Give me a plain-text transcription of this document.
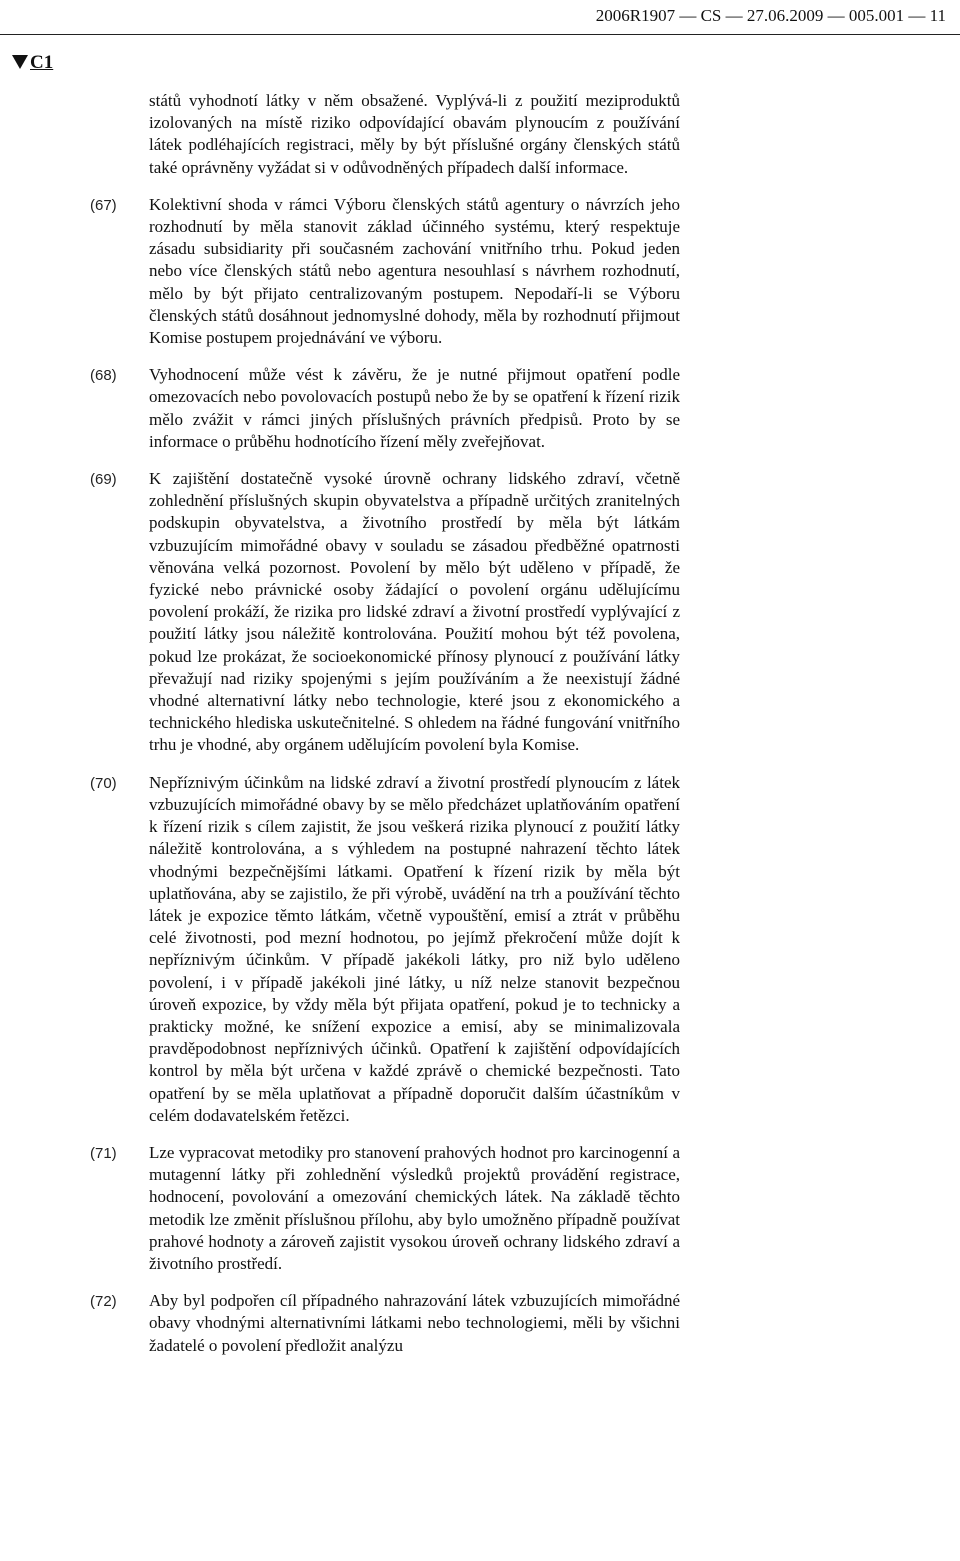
2006R1907 — CS — 27.06.2009 — 005.001 — 11
C1
států vyhodnotí látky v něm obsažené. Vyplývá-li z použití meziproduktů izolovaných na místě riziko odpovídající obavám plynoucím z používání látek podléhajících registraci, měly by být příslušné orgány členských států také oprávněny vyžádat si v odůvodněných případech další informace.
(67)	Kolektivní shoda v rámci Výboru členských států agentury o návrzích jeho rozhodnutí by měla stanovit základ účinného systému, který respektuje zásadu subsidiarity při současném zachování vnitřního trhu. Pokud jeden nebo více členských států nebo agentura nesouhlasí s návrhem rozhodnutí, mělo by být přijato centralizovaným postupem. Nepodaří-li se Výboru členských států dosáhnout jednomyslné dohody, měla by rozhodnutí přijmout Komise postupem projednávání ve výboru.
(68)	Vyhodnocení může vést k závěru, že je nutné přijmout opatření podle omezovacích nebo povolovacích postupů nebo že by se opatření k řízení rizik mělo zvážit v rámci jiných příslušných právních předpisů. Proto by se informace o průběhu hodnotícího řízení měly zveřejňovat.
(69)	K zajištění dostatečně vysoké úrovně ochrany lidského zdraví, včetně zohlednění příslušných skupin obyvatelstva a případně určitých zranitelných podskupin obyvatelstva, a životního prostředí by měla být látkám vzbuzujícím mimořádné obavy v souladu se zásadou předběžné opatrnosti věnována velká pozornost. Povolení by mělo být uděleno v případě, že fyzické nebo právnické osoby žádající o povolení orgánu udělujícímu povolení prokáží, že rizika pro lidské zdraví a životní prostředí vyplývající z použití látky jsou náležitě kontrolována. Použití mohou být též povolena, pokud lze prokázat, že socioekonomické přínosy plynoucí z používání látky převažují nad riziky spojenými s jejím používáním a že neexistují žádné vhodné alternativní látky nebo technologie, které jsou z ekonomického a technického hlediska uskutečnitelné. S ohledem na řádné fungování vnitřního trhu je vhodné, aby orgánem udělujícím povolení byla Komise.
(70)	Nepříznivým účinkům na lidské zdraví a životní prostředí plynoucím z látek vzbuzujících mimořádné obavy by se mělo předcházet uplatňováním opatření k řízení rizik s cílem zajistit, že jsou veškerá rizika plynoucí z použití látky náležitě kontrolována, a s výhledem na postupné nahrazení těchto látek vhodnými bezpečnějšími látkami. Opatření k řízení rizik by měla být uplatňována, aby se zajistilo, že při výrobě, uvádění na trh a používání těchto látek je expozice těmto látkám, včetně vypouštění, emisí a ztrát v průběhu celé životnosti, pod mezní hodnotou, po jejímž překročení může dojít k nepříznivým účinkům. V případě jakékoli látky, pro niž bylo uděleno povolení, i v případě jakékoli jiné látky, u níž nelze stanovit bezpečnou úroveň expozice, by vždy měla být přijata opatření, pokud je to technicky a prakticky možné, ke snížení expozice a emisí, aby se minimalizovala pravděpodobnost nepříznivých účinků. Opatření k zajištění odpovídajících kontrol by měla být určena v každé zprávě o chemické bezpečnosti. Tato opatření by se měla uplatňovat a případně doporučit dalším účastníkům v celém dodavatelském řetězci.
(71)	Lze vypracovat metodiky pro stanovení prahových hodnot pro karcinogenní a mutagenní látky při zohlednění výsledků projektů provádění registrace, hodnocení, povolování a omezování chemických látek. Na základě těchto metodik lze změnit příslušnou přílohu, aby bylo umožněno případně používat prahové hodnoty a zároveň zajistit vysokou úroveň ochrany lidského zdraví a životního prostředí.
(72)	Aby byl podpořen cíl případného nahrazování látek vzbuzujících mimořádné obavy vhodnými alternativními látkami nebo technologiemi, měli by všichni žadatelé o povolení předložit analýzu
